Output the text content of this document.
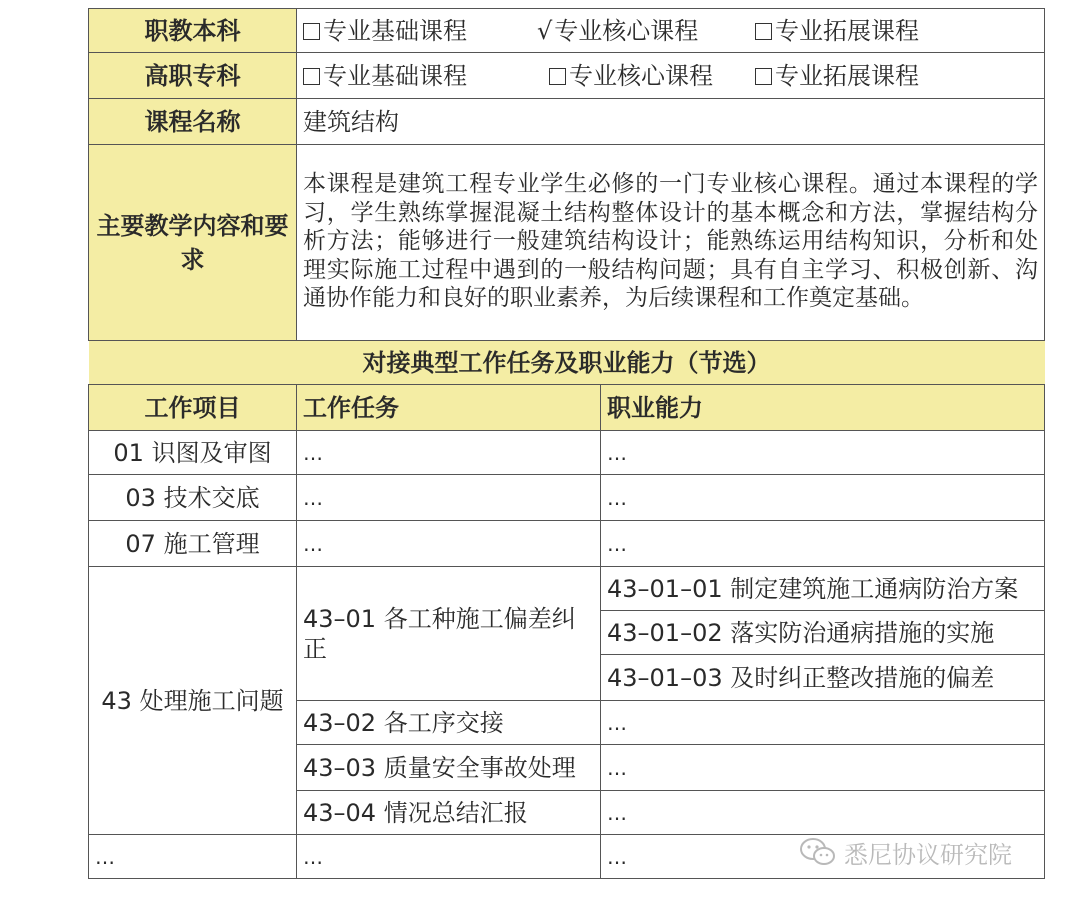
职教本科	专业基础课程 √专业核心课程 专业拓展课程	
高职专科	专业基础课程 专业核心课程 专业拓展课程	
课程名称	建筑结构	
主要教学内容和要求	本课程是建筑工程专业学生必修的一门专业核心课程。通过本课程的学习，学生熟练掌握混凝土结构整体设计的基本概念和方法，掌握结构分析方法；能够进行一般建筑结构设计；能熟练运用结构知识，分析和处理实际施工过程中遇到的一般结构问题；具有自主学习、积极创新、沟通协作能力和良好的职业素养，为后续课程和工作奠定基础。	
对接典型工作任务及职业能力（节选）		
工作项目	工作任务	职业能力
01 识图及审图	…	…
03 技术交底	…	…
07 施工管理	…	…
43 处理施工问题	43–01 各工种施工偏差纠正	43–01–01 制定建筑施工通病防治方案
		43–01–02 落实防治通病措施的实施
		43–01–03 及时纠正整改措施的偏差
	43–02 各工序交接	…
	43–03 质量安全事故处理	…
	43–04 情况总结汇报	…
…	…	…	悉尼协议研究院
